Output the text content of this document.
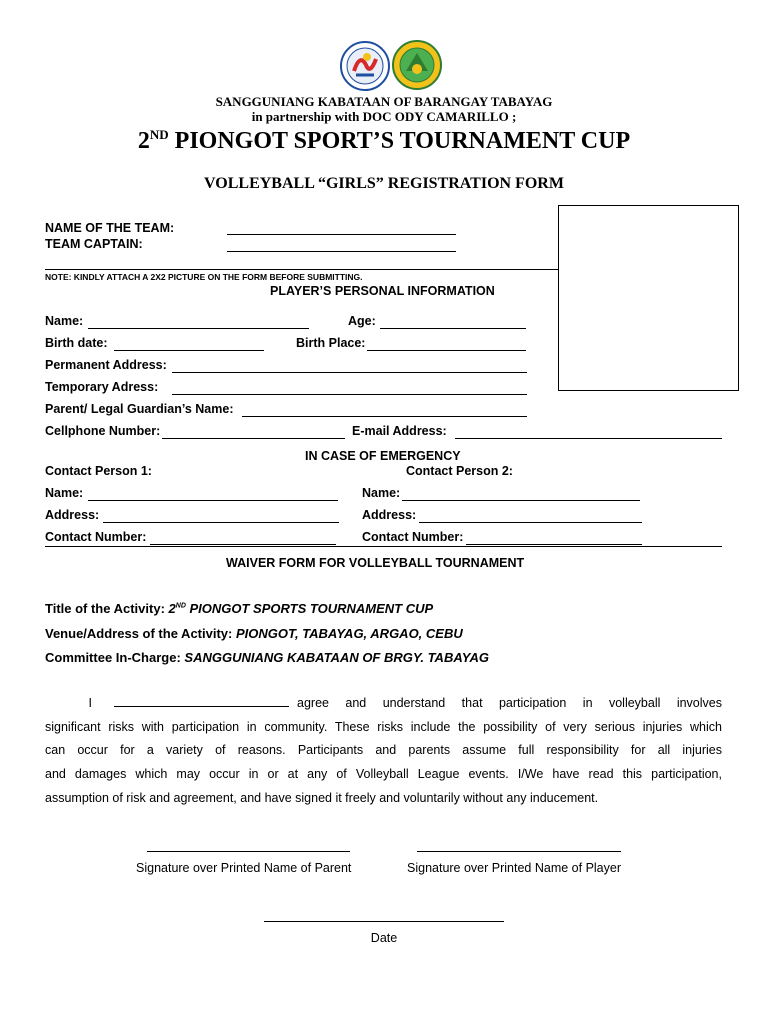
SANGGUNIANG KABATAAN OF BARANGAY TABAYAG
in partnership with DOC ODY CAMARILLO ;
2ND PIONGOT SPORT’S TOURNAMENT CUP
VOLLEYBALL “GIRLS” REGISTRATION FORM
NAME OF THE TEAM:
TEAM CAPTAIN:
NOTE: KINDLY ATTACH A 2X2 PICTURE ON THE FORM BEFORE SUBMITTING.
PLAYER’S PERSONAL INFORMATION
Name:	Age:
Birth date:	Birth Place:
Permanent Address:
Temporary Adress:
Parent/ Legal Guardian’s Name:
Cellphone Number:	E-mail Address:
IN CASE OF EMERGENCY
Contact Person 1:	Contact Person 2:
Name:	Name:
Address:	Address:
Contact Number:	Contact Number:
WAIVER FORM FOR VOLLEYBALL TOURNAMENT
Title of the Activity: 2ND PIONGOT SPORTS TOURNAMENT CUP
Venue/Address of the Activity: PIONGOT, TABAYAG, ARGAO, CEBU
Committee In-Charge: SANGGUNIANG KABATAAN OF BRGY. TABAYAG
I	agree and understand that participation in volleyball involves
significant risks with participation in community. These risks include the possibility of very serious injuries which
can occur for a variety of reasons. Participants and parents assume full responsibility for all injuries
and damages which may occur in or at any of Volleyball League events. I/We have read this participation,
assumption of risk and agreement, and have signed it freely and voluntarily without any inducement.
Signature over Printed Name of Parent	Signature over Printed Name of Player
Date
